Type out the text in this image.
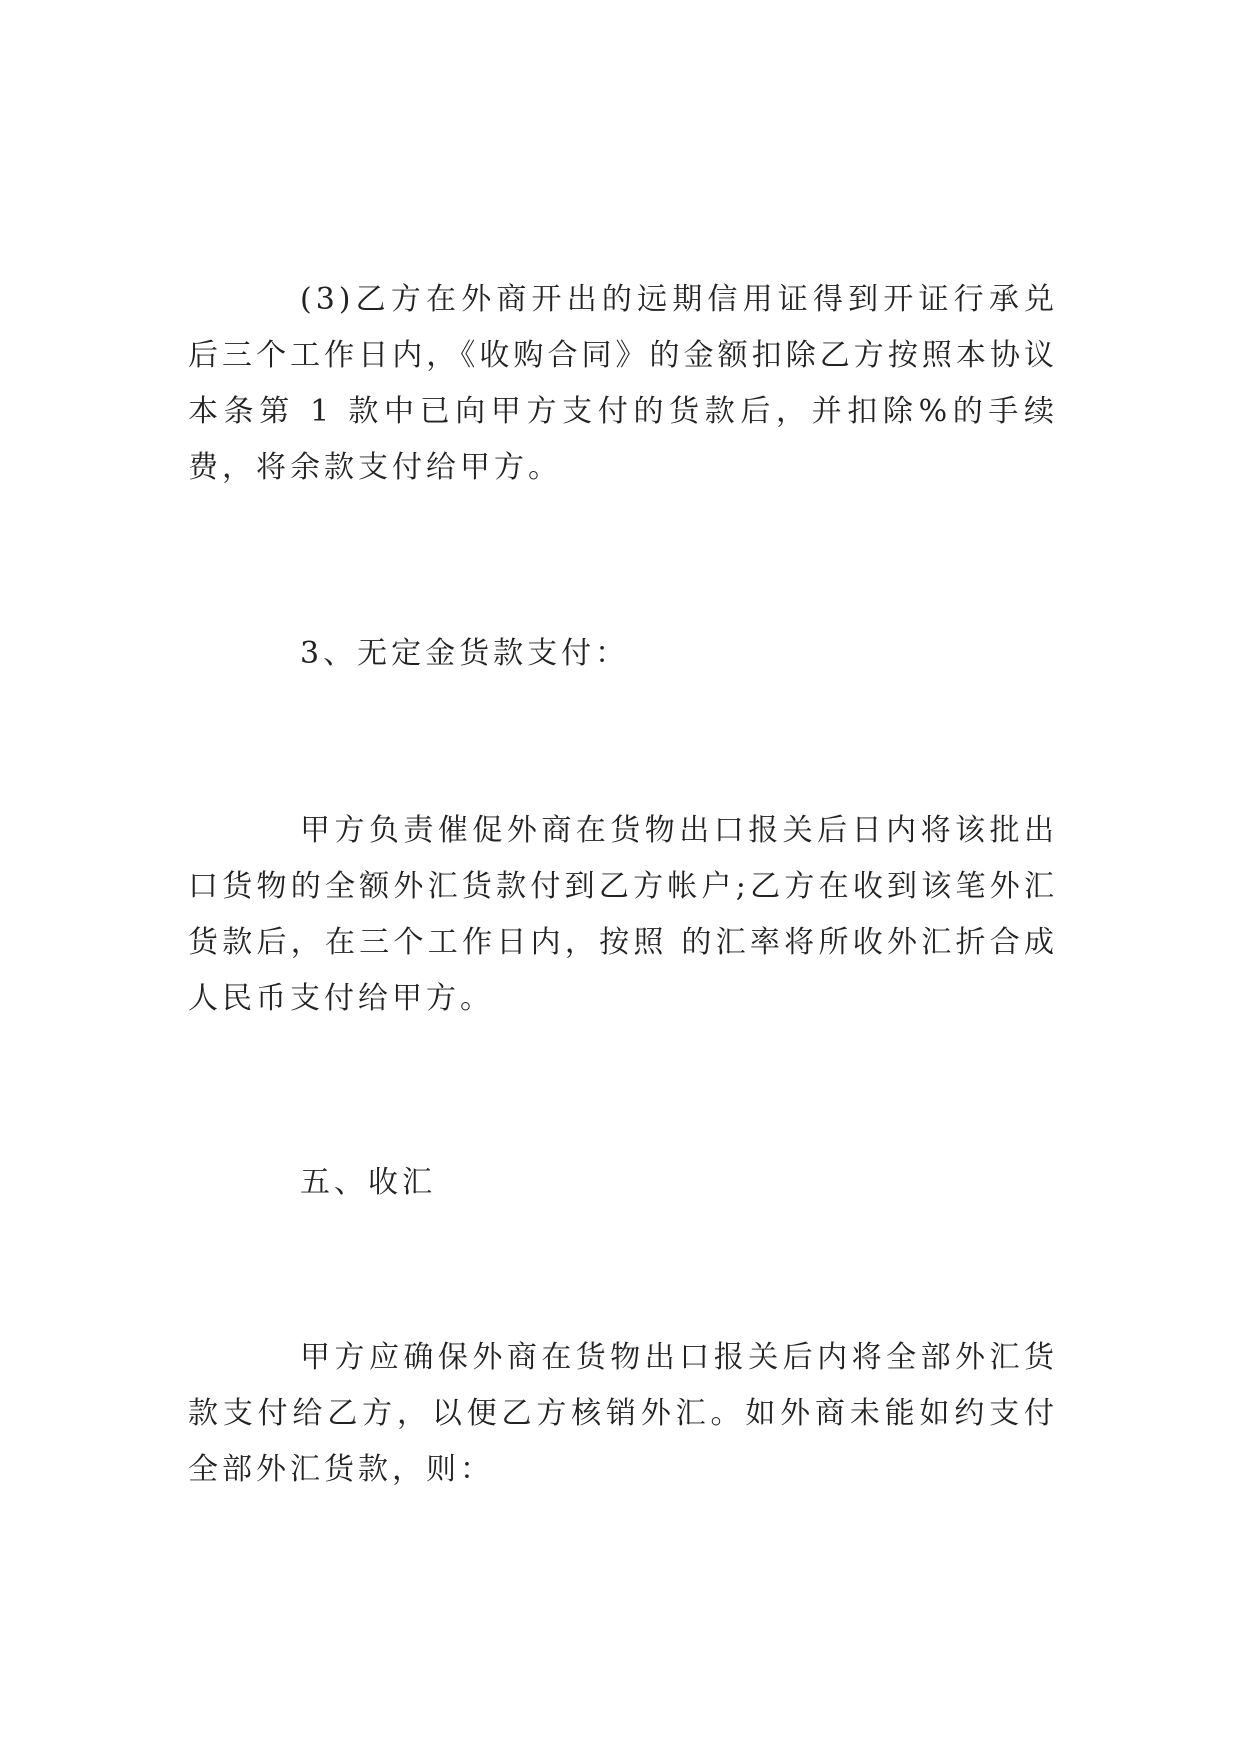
(3)乙方在外商开出的远期信用证得到开证行承兑后三个工作日内，《收购合同》的金额扣除乙方按照本协议本条第 1 款中已向甲方支付的货款后，并扣除%的手续费，将余款支付给甲方。

3、无定金货款支付：

甲方负责催促外商在货物出口报关后日内将该批出口货物的全额外汇货款付到乙方帐户;乙方在收到该笔外汇货款后，在三个工作日内，按照 的汇率将所收外汇折合成人民币支付给甲方。

五、收汇

甲方应确保外商在货物出口报关后内将全部外汇货款支付给乙方，以便乙方核销外汇。如外商未能如约支付全部外汇货款，则：
